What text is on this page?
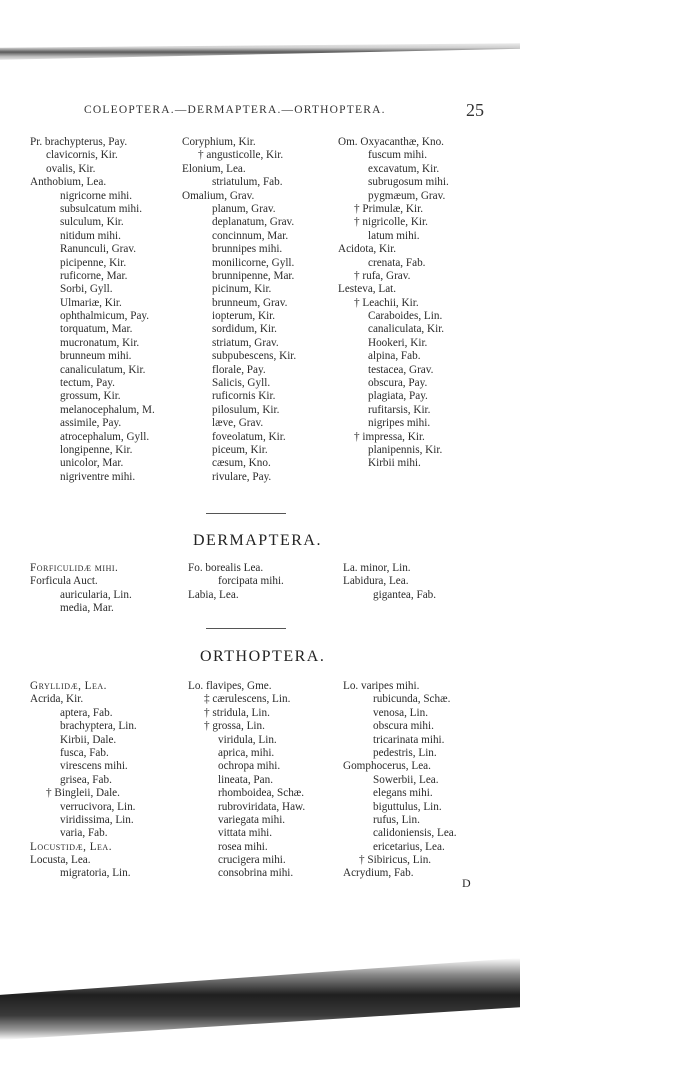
COLEOPTERA.—DERMAPTERA.—ORTHOPTERA.	25
Pr. brachypterus, Pay.
clavicornis, Kir.
ovalis, Kir.
Anthobium, Lea.
nigricorne mihi.
subsulcatum mihi.
sulculum, Kir.
nitidum mihi.
Ranunculi, Grav.
picipenne, Kir.
ruficorne, Mar.
Sorbi, Gyll.
Ulmariæ, Kir.
ophthalmicum, Pay.
torquatum, Mar.
mucronatum, Kir.
brunneum mihi.
canaliculatum, Kir.
tectum, Pay.
grossum, Kir.
melanocephalum, M.
assimile, Pay.
atrocephalum, Gyll.
longipenne, Kir.
unicolor, Mar.
nigriventre mihi.
Coryphium, Kir.
† angusticolle, Kir.
Elonium, Lea.
striatulum, Fab.
Omalium, Grav.
planum, Grav.
deplanatum, Grav.
concinnum, Mar.
brunnipes mihi.
monilicorne, Gyll.
brunnipenne, Mar.
picinum, Kir.
brunneum, Grav.
iopterum, Kir.
sordidum, Kir.
striatum, Grav.
subpubescens, Kir.
florale, Pay.
Salicis, Gyll.
ruficornis Kir.
pilosulum, Kir.
læve, Grav.
foveolatum, Kir.
piceum, Kir.
cæsum, Kno.
rivulare, Pay.
Om. Oxyacanthæ, Kno.
fuscum mihi.
excavatum, Kir.
subrugosum mihi.
pygmæum, Grav.
† Primulæ, Kir.
† nigricolle, Kir.
latum mihi.
Acidota, Kir.
crenata, Fab.
† rufa, Grav.
Lesteva, Lat.
† Leachii, Kir.
Caraboides, Lin.
canaliculata, Kir.
Hookeri, Kir.
alpina, Fab.
testacea, Grav.
obscura, Pay.
plagiata, Pay.
rufitarsis, Kir.
nigripes mihi.
† impressa, Kir.
planipennis, Kir.
Kirbii mihi.
DERMAPTERA.
Forficulidæ mihi.
Forficula Auct.
auricularia, Lin.
media, Mar.
Fo. borealis Lea.
forcipata mihi.
Labia, Lea.
La. minor, Lin.
Labidura, Lea.
gigantea, Fab.
ORTHOPTERA.
Gryllidæ, Lea.
Acrida, Kir.
aptera, Fab.
brachyptera, Lin.
Kirbii, Dale.
fusca, Fab.
virescens mihi.
grisea, Fab.
† Bingleii, Dale.
verrucivora, Lin.
viridissima, Lin.
varia, Fab.
Locustidæ, Lea.
Locusta, Lea.
migratoria, Lin.
Lo. flavipes, Gme.
‡ cærulescens, Lin.
† stridula, Lin.
† grossa, Lin.
viridula, Lin.
aprica, mihi.
ochropa mihi.
lineata, Pan.
rhomboidea, Schæ.
rubroviridata, Haw.
variegata mihi.
vittata mihi.
rosea mihi.
crucigera mihi.
consobrina mihi.
Lo. varipes mihi.
rubicunda, Schæ.
venosa, Lin.
obscura mihi.
tricarinata mihi.
pedestris, Lin.
Gomphocerus, Lea.
Sowerbii, Lea.
elegans mihi.
biguttulus, Lin.
rufus, Lin.
calidoniensis, Lea.
ericetarius, Lea.
† Sibiricus, Lin.
Acrydium, Fab.
D
